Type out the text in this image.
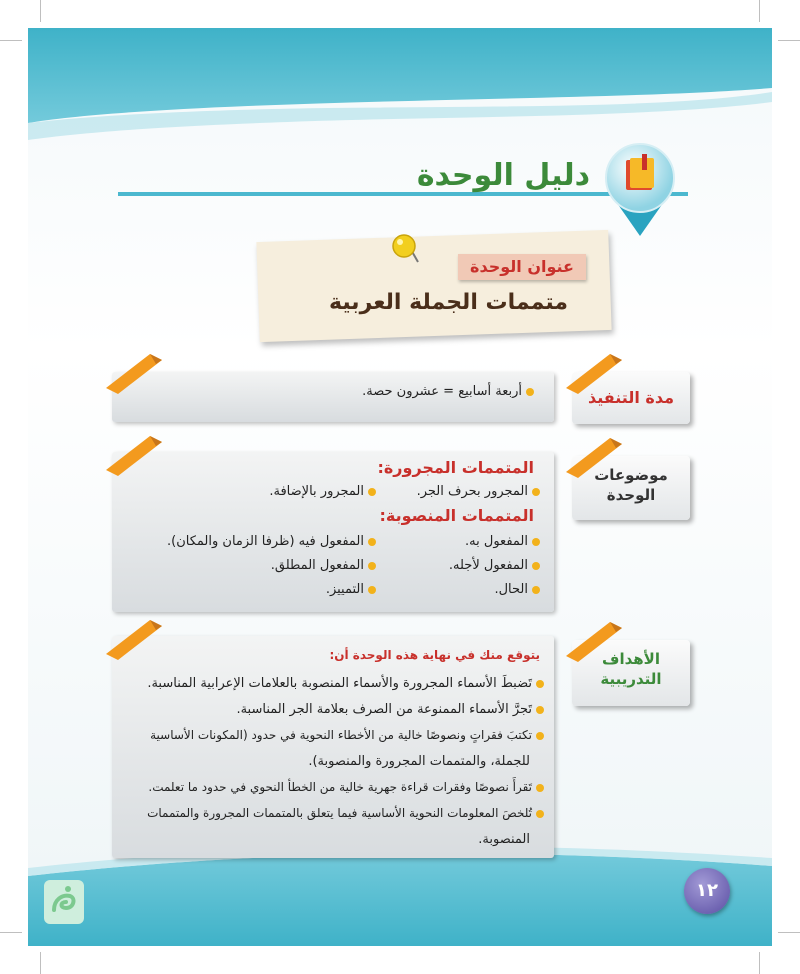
دليل الوحدة
عنوان الوحدة
متممات الجملة العربية
أربعة أسابيع = عشرون حصة.	مدة التنفيذ
المتممات المجرورة:
المجرور بحرف الجر.
المجرور بالإضافة.
المتممات المنصوبة:
المفعول به.
المفعول فيه (ظرفا الزمان والمكان).
المفعول لأجله.
المفعول المطلق.
الحال.
التمييز.
موضوعات
الوحدة
يتوقع منك في نهاية هذه الوحدة أن:
تَضبطَ الأسماء المجرورة والأسماء المنصوبة بالعلامات الإعرابية المناسبة.
تَجرَّ الأسماء الممنوعة من الصرف بعلامة الجر المناسبة.
تكتبَ فقراتٍ ونصوصًا خالية من الأخطاء النحوية في حدود (المكونات الأساسية
للجملة، والمتممات المجرورة والمنصوبة).
تَقرأَ نصوصًا وفقرات قراءة جهرية خالية من الخطأ النحوي في حدود ما تعلمت.
تُلخصَ المعلومات النحوية الأساسية فيما يتعلق بالمتممات المجرورة والمتممات
المنصوبة.
الأهداف
التدريبية
١٢
